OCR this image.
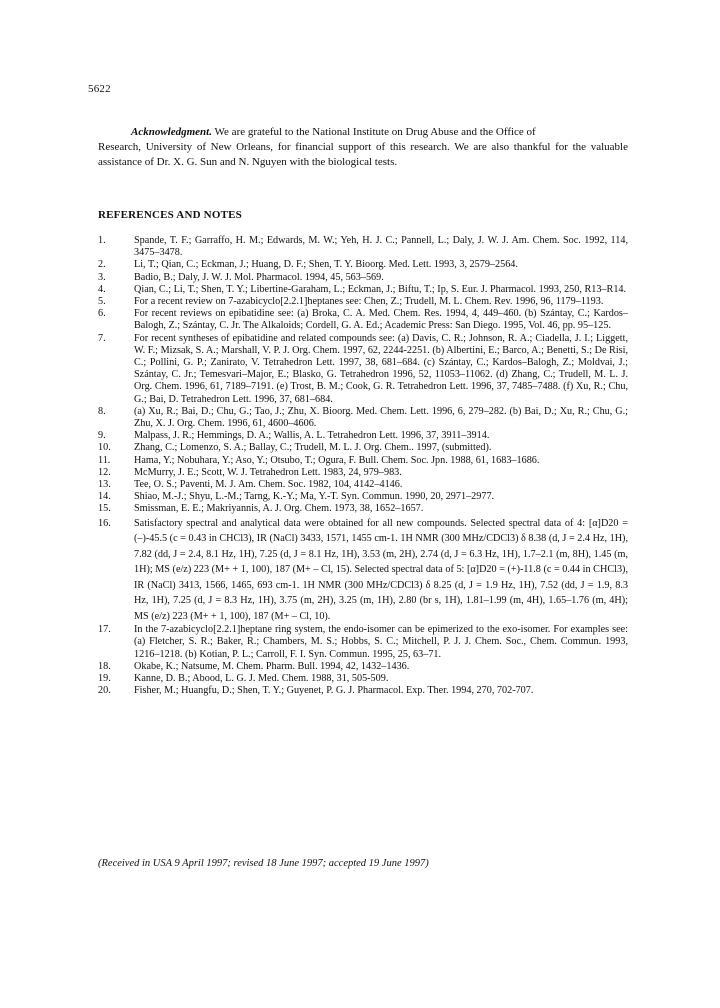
5622
Acknowledgment. We are grateful to the National Institute on Drug Abuse and the Office of
Research, University of New Orleans, for financial support of this research. We are also thankful for the valuable assistance of Dr. X. G. Sun and N. Nguyen with the biological tests.
REFERENCES AND NOTES
1.	Spande, T. F.; Garraffo, H. M.; Edwards, M. W.; Yeh, H. J. C.; Pannell, L.; Daly, J. W. J. Am. Chem. Soc. 1992, 114, 3475–3478.
2.	Li, T.; Qian, C.; Eckman, J.; Huang, D. F.; Shen, T. Y. Bioorg. Med. Lett. 1993, 3, 2579–2564.
3.	Badio, B.; Daly, J. W. J. Mol. Pharmacol. 1994, 45, 563–569.
4.	Qian, C.; Li, T.; Shen, T. Y.; Libertine-Garaham, L.; Eckman, J.; Biftu, T.; Ip, S. Eur. J. Pharmacol. 1993, 250, R13–R14.
5.	For a recent review on 7-azabicyclo[2.2.1]heptanes see: Chen, Z.; Trudell, M. L. Chem. Rev. 1996, 96, 1179–1193.
6.	For recent reviews on epibatidine see: (a) Broka, C. A. Med. Chem. Res. 1994, 4, 449–460. (b) Szántay, C.; Kardos–Balogh, Z.; Szántay, C. Jr. The Alkaloids; Cordell, G. A. Ed.; Academic Press: San Diego. 1995, Vol. 46, pp. 95–125.
7.	For recent syntheses of epibatidine and related compounds see: (a) Davis, C. R.; Johnson, R. A.; Ciadella, J. I.; Liggett, W. F.; Mizsak, S. A.; Marshall, V. P. J. Org. Chem. 1997, 62, 2244-2251. (b) Albertini, E.; Barco, A.; Benetti, S.; De Risi, C.; Pollini, G. P.; Zanirato, V. Tetrahedron Lett. 1997, 38, 681–684. (c) Szántay, C.; Kardos–Balogh, Z.; Moldvai, J.; Szántay, C. Jr.; Temesvari–Major, E.; Blasko, G. Tetrahedron 1996, 52, 11053–11062. (d) Zhang, C.; Trudell, M. L. J. Org. Chem. 1996, 61, 7189–7191. (e) Trost, B. M.; Cook, G. R. Tetrahedron Lett. 1996, 37, 7485–7488. (f) Xu, R.; Chu, G.; Bai, D. Tetrahedron Lett. 1996, 37, 681–684.
8.	(a) Xu, R.; Bai, D.; Chu, G.; Tao, J.; Zhu, X. Bioorg. Med. Chem. Lett. 1996, 6, 279–282. (b) Bai, D.; Xu, R.; Chu, G.; Zhu, X. J. Org. Chem. 1996, 61, 4600–4606.
9.	Malpass, J. R.; Hemmings, D. A.; Wallis, A. L. Tetrahedron Lett. 1996, 37, 3911–3914.
10. Zhang, C.; Lomenzo, S. A.; Ballay, C.; Trudell, M. L. J. Org. Chem.. 1997, (submitted).
11. Hama, Y.; Nobuhara, Y.; Aso, Y.; Otsubo, T.; Ogura, F. Bull. Chem. Soc. Jpn. 1988, 61, 1683–1686.
12. McMurry, J. E.; Scott, W. J. Tetrahedron Lett. 1983, 24, 979–983.
13. Tee, O. S.; Paventi, M. J. Am. Chem. Soc. 1982, 104, 4142–4146.
14. Shiao, M.-J.; Shyu, L.-M.; Tarng, K.-Y.; Ma, Y.-T. Syn. Commun. 1990, 20, 2971–2977.
15. Smissman, E. E.; Makriyannis, A. J. Org. Chem. 1973, 38, 1652–1657.
16. Satisfactory spectral and analytical data were obtained for all new compounds. Selected spectral data of 4: [α]D20 = (–)-45.5 (c = 0.43 in CHCl3), IR (NaCl) 3433, 1571, 1455 cm-1. 1H NMR (300 MHz/CDCl3) δ 8.38 (d, J = 2.4 Hz, 1H), 7.82 (dd, J = 2.4, 8.1 Hz, 1H), 7.25 (d, J = 8.1 Hz, 1H), 3.53 (m, 2H), 2.74 (d, J = 6.3 Hz, 1H), 1.7–2.1 (m, 8H), 1.45 (m, 1H); MS (e/z) 223 (M+ + 1, 100), 187 (M+ – Cl, 15). Selected spectral data of 5: [α]D20 = (+)-11.8 (c = 0.44 in CHCl3), IR (NaCl) 3413, 1566, 1465, 693 cm-1. 1H NMR (300 MHz/CDCl3) δ 8.25 (d, J = 1.9 Hz, 1H), 7.52 (dd, J = 1.9, 8.3 Hz, 1H), 7.25 (d, J = 8.3 Hz, 1H), 3.75 (m, 2H), 3.25 (m, 1H), 2.80 (br s, 1H), 1.81–1.99 (m, 4H), 1.65–1.76 (m, 4H); MS (e/z) 223 (M+ + 1, 100), 187 (M+ – Cl, 10).
17. In the 7-azabicyclo[2.2.1]heptane ring system, the endo-isomer can be epimerized to the exo-isomer. For examples see: (a) Fletcher, S. R.; Baker, R.; Chambers, M. S.; Hobbs, S. C.; Mitchell, P. J. J. Chem. Soc., Chem. Commun. 1993, 1216–1218. (b) Kotian, P. L.; Carroll, F. I. Syn. Commun. 1995, 25, 63–71.
18. Okabe, K.; Natsume, M. Chem. Pharm. Bull. 1994, 42, 1432–1436.
19. Kanne, D. B.; Abood, L. G. J. Med. Chem. 1988, 31, 505-509.
20. Fisher, M.; Huangfu, D.; Shen, T. Y.; Guyenet, P. G. J. Pharmacol. Exp. Ther. 1994, 270, 702-707.
(Received in USA 9 April 1997; revised 18 June 1997; accepted 19 June 1997)
